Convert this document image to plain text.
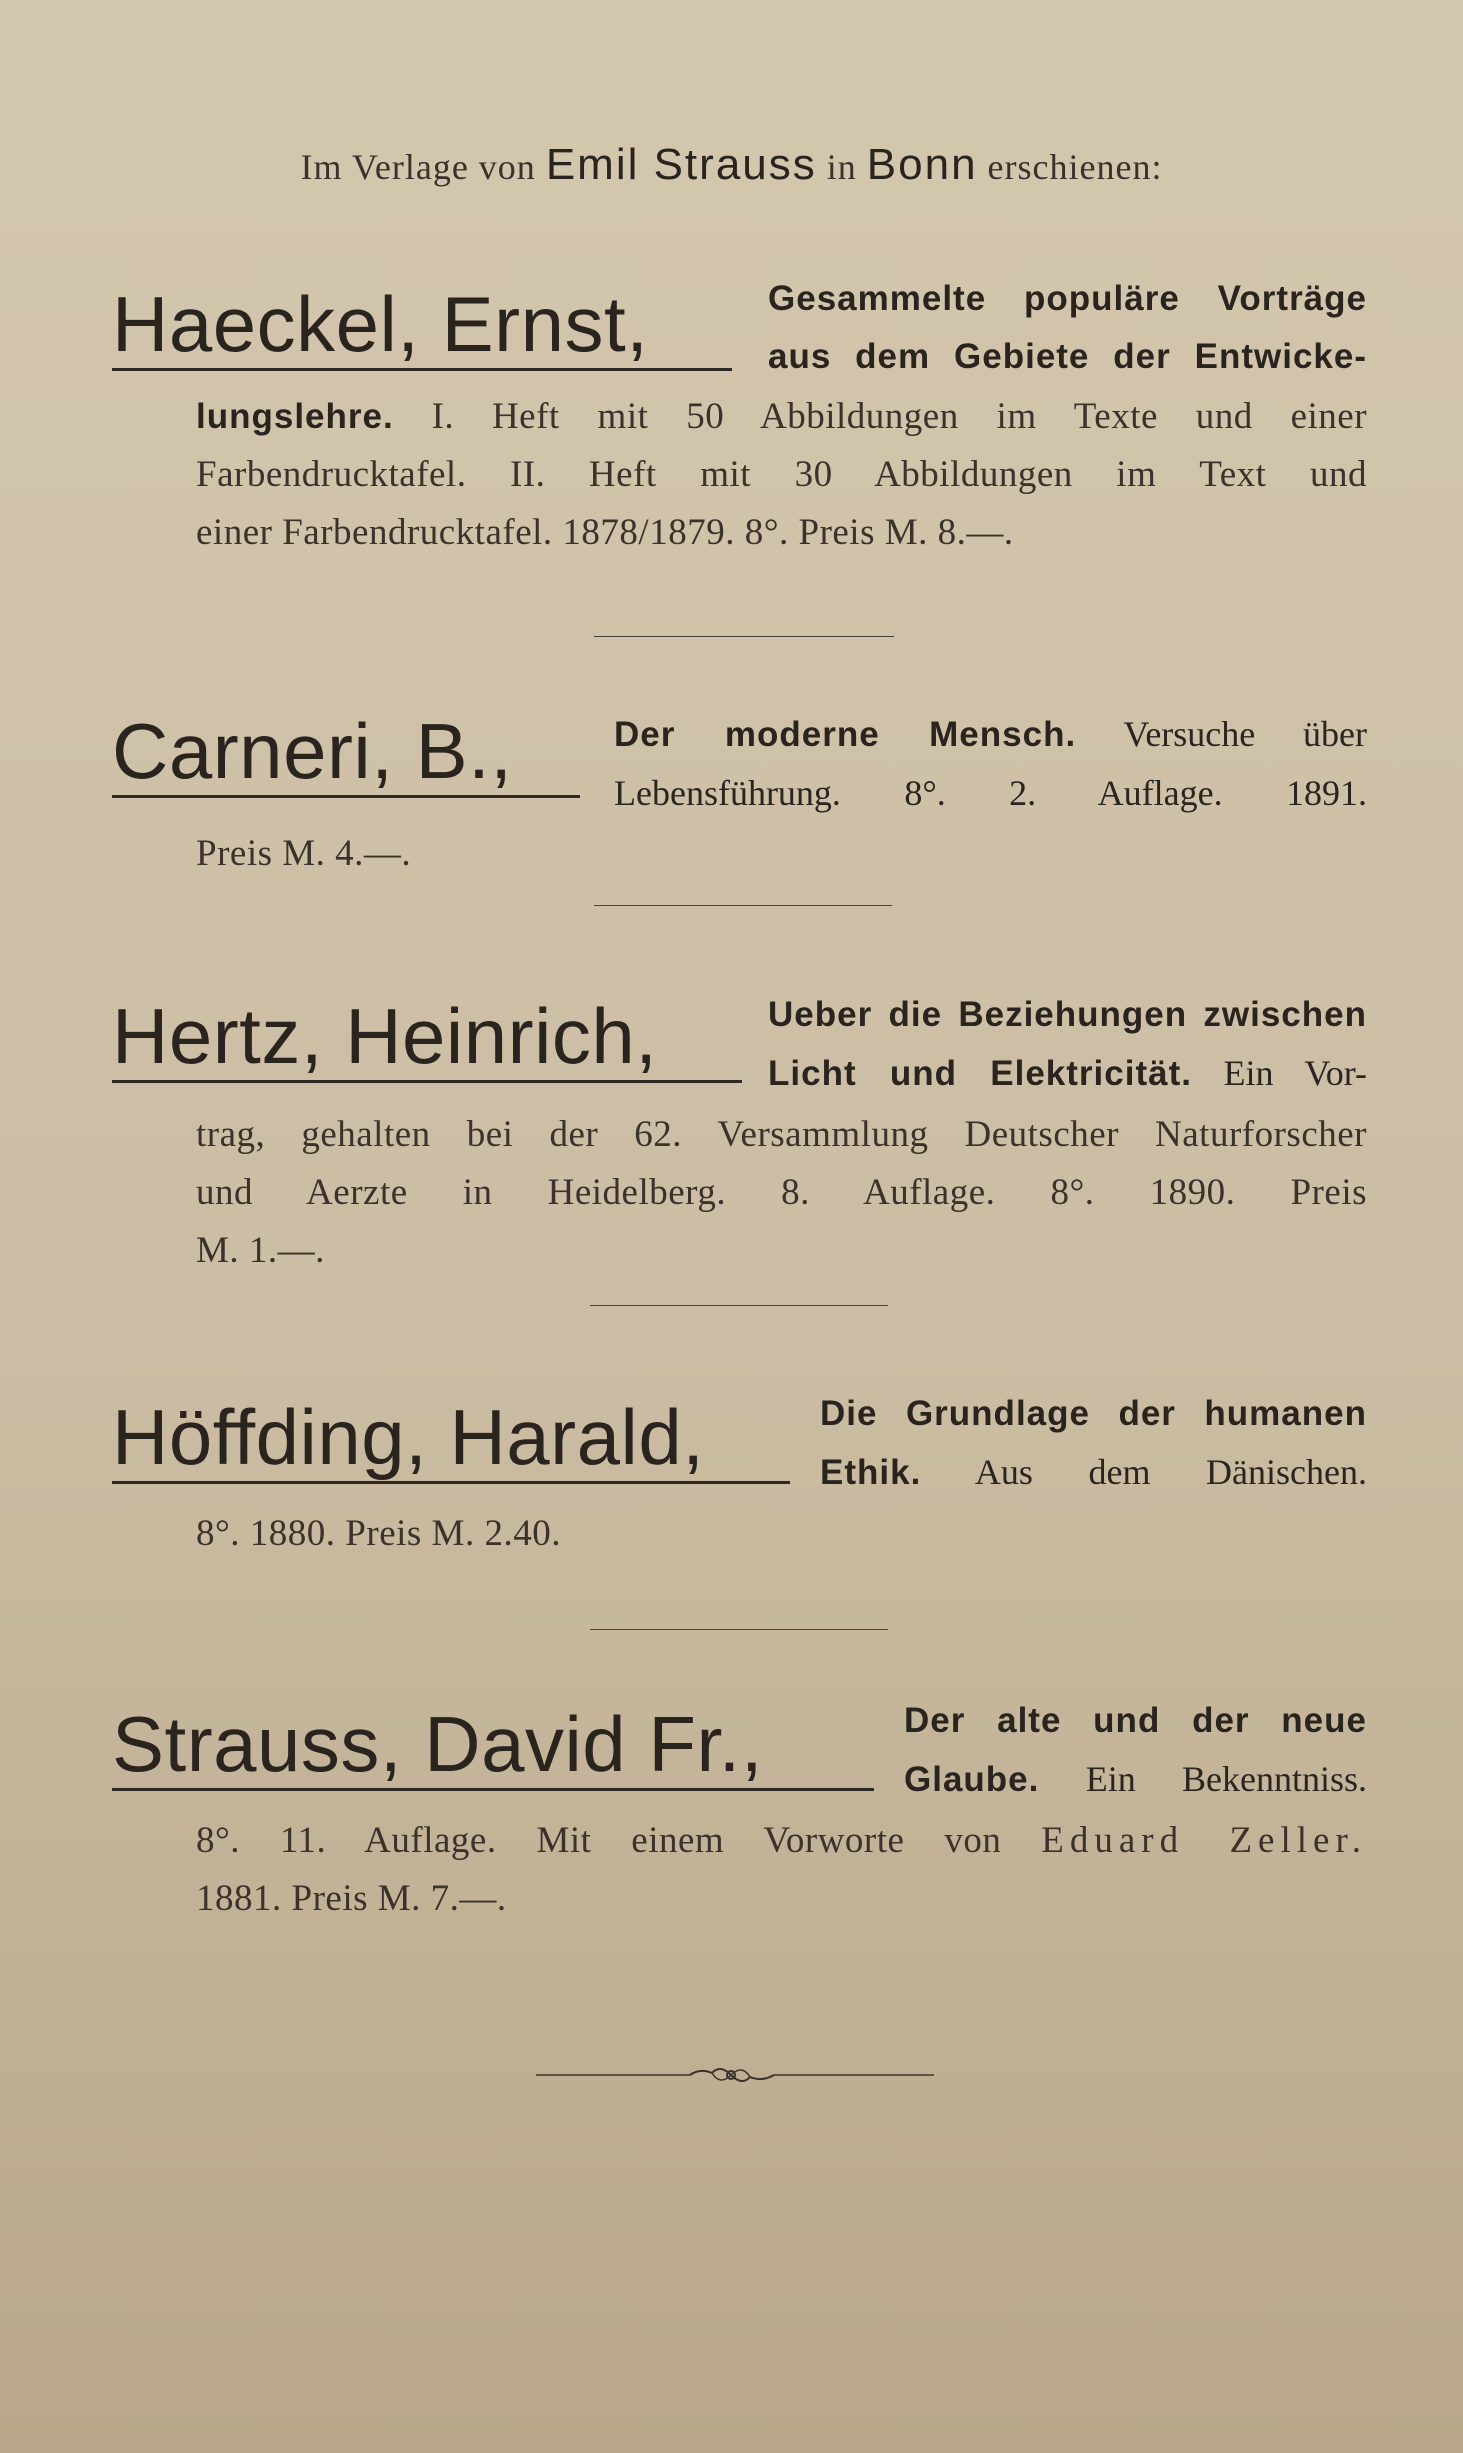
Im Verlage von Emil Strauss in Bonn erschienen:
Haeckel, Ernst,	Gesammelte populäre Vorträge
aus dem Gebiete der Entwicke-
lungslehre. I. Heft mit 50 Abbildungen im Texte und einer
Farbendrucktafel. II. Heft mit 30 Abbildungen im Text und
einer Farbendrucktafel. 1878/1879. 8°. Preis M. 8.—.
Carneri, B.,	Der moderne Mensch. Versuche über
Lebensführung. 8°. 2. Auflage. 1891.
Preis M. 4.—.
Hertz, Heinrich,	Ueber die Beziehungen zwischen
Licht und Elektricität. Ein Vor-
trag, gehalten bei der 62. Versammlung Deutscher Naturforscher
und Aerzte in Heidelberg. 8. Auflage. 8°. 1890. Preis
M. 1.—.
Höffding, Harald,	Die Grundlage der humanen
Ethik. Aus dem Dänischen.
8°. 1880. Preis M. 2.40.
Strauss, David Fr.,	Der alte und der neue
Glaube. Ein Bekenntniss.
8°. 11. Auflage. Mit einem Vorworte von Eduard Zeller.
1881. Preis M. 7.—.
